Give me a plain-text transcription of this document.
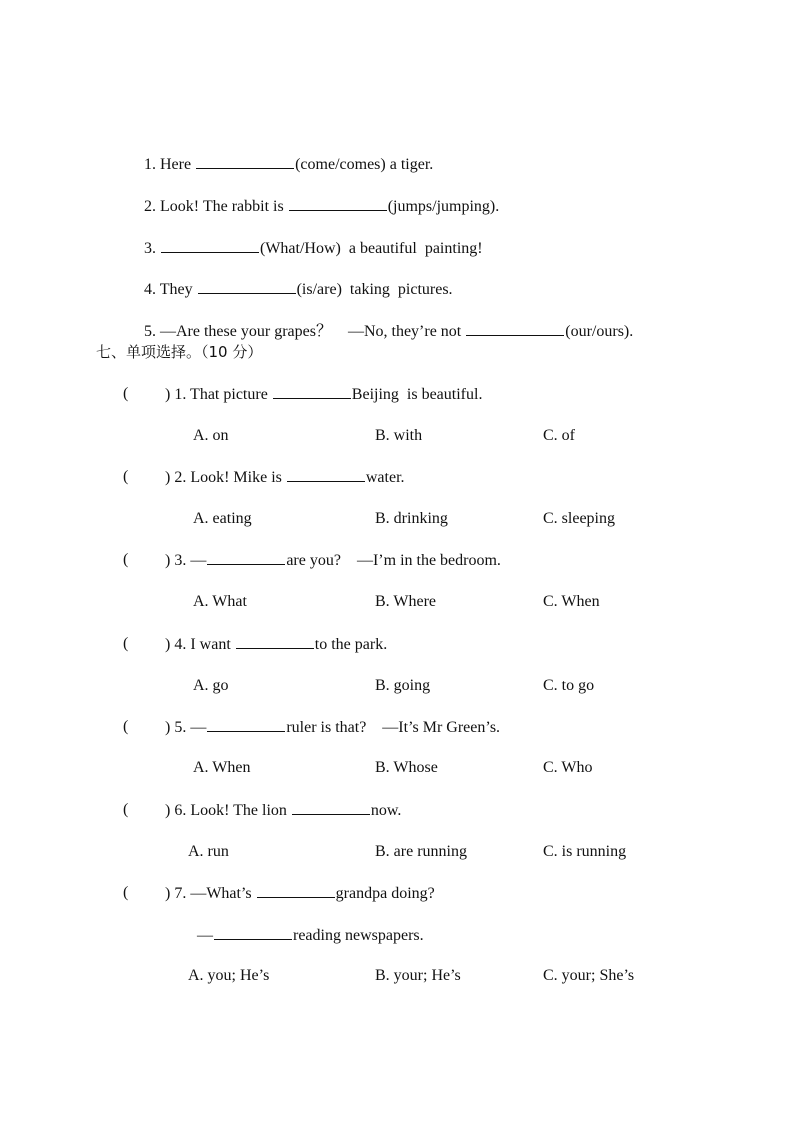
1. Here	(come/comes) a tiger.

2. Look! The rabbit is	(jumps/jumping).

3.	(What/How)  a beautiful  painting!

4. They	(is/are)  taking  pictures.

5. —Are these your grapes？    —No, they’re not	(our/ours).

七、单项选择。（10 分）
( ) 1. That picture	Beijing  is beautiful.
A. on	B. with	C. of
( ) 2. Look! Mike is	water.
A. eating	B. drinking	C. sleeping
( ) 3. —	are you?    —I’m in the bedroom.
A. What	B. Where	C. When
( ) 4. I want	to the park.
A. go	B. going	C. to go
( ) 5. —	ruler is that?    —It’s Mr Green’s.
A. When	B. Whose	C. Who
( ) 6. Look! The lion	now.
A. run	B. are running	C. is running
( ) 7. —What’s	grandpa doing?
—	reading newspapers.
A. you; He’s	B. your; He’s	C. your; She’s
